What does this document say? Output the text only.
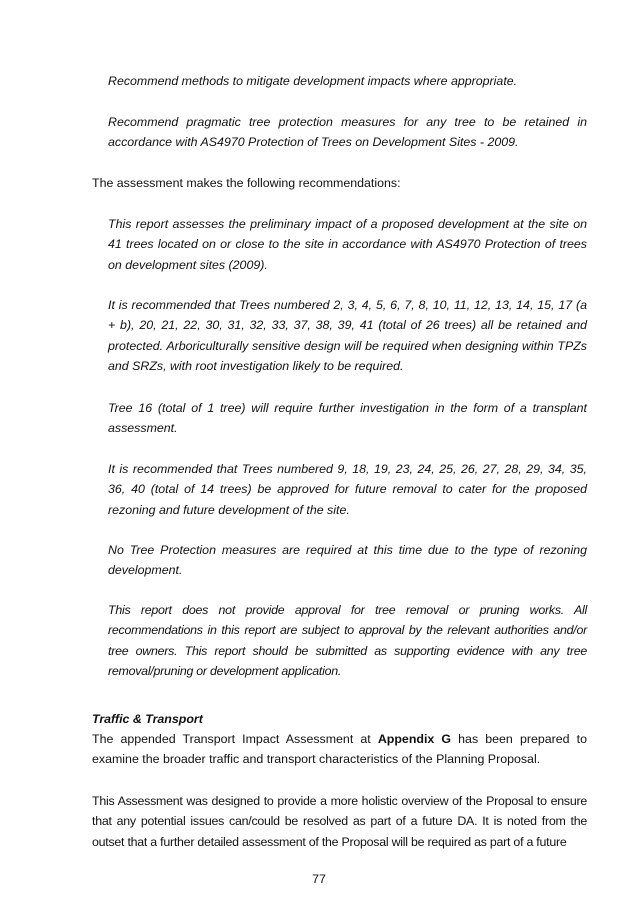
Recommend methods to mitigate development impacts where appropriate.

Recommend pragmatic tree protection measures for any tree to be retained in accordance with AS4970 Protection of Trees on Development Sites - 2009.

The assessment makes the following recommendations:

This report assesses the preliminary impact of a proposed development at the site on 41 trees located on or close to the site in accordance with AS4970 Protection of trees on development sites (2009).

It is recommended that Trees numbered 2, 3, 4, 5, 6, 7, 8, 10, 11, 12, 13, 14, 15, 17 (a + b), 20, 21, 22, 30, 31, 32, 33, 37, 38, 39, 41 (total of 26 trees) all be retained and protected. Arboriculturally sensitive design will be required when designing within TPZs and SRZs, with root investigation likely to be required.

Tree 16 (total of 1 tree) will require further investigation in the form of a transplant assessment.

It is recommended that Trees numbered 9, 18, 19, 23, 24, 25, 26, 27, 28, 29, 34, 35, 36, 40 (total of 14 trees) be approved for future removal to cater for the proposed rezoning and future development of the site.

No Tree Protection measures are required at this time due to the type of rezoning development.

This report does not provide approval for tree removal or pruning works. All recommendations in this report are subject to approval by the relevant authorities and/or tree owners. This report should be submitted as supporting evidence with any tree removal/pruning or development application.

Traffic & Transport

The appended Transport Impact Assessment at Appendix G has been prepared to examine the broader traffic and transport characteristics of the Planning Proposal.

This Assessment was designed to provide a more holistic overview of the Proposal to ensure that any potential issues can/could be resolved as part of a future DA. It is noted from the outset that a further detailed assessment of the Proposal will be required as part of a future

77
